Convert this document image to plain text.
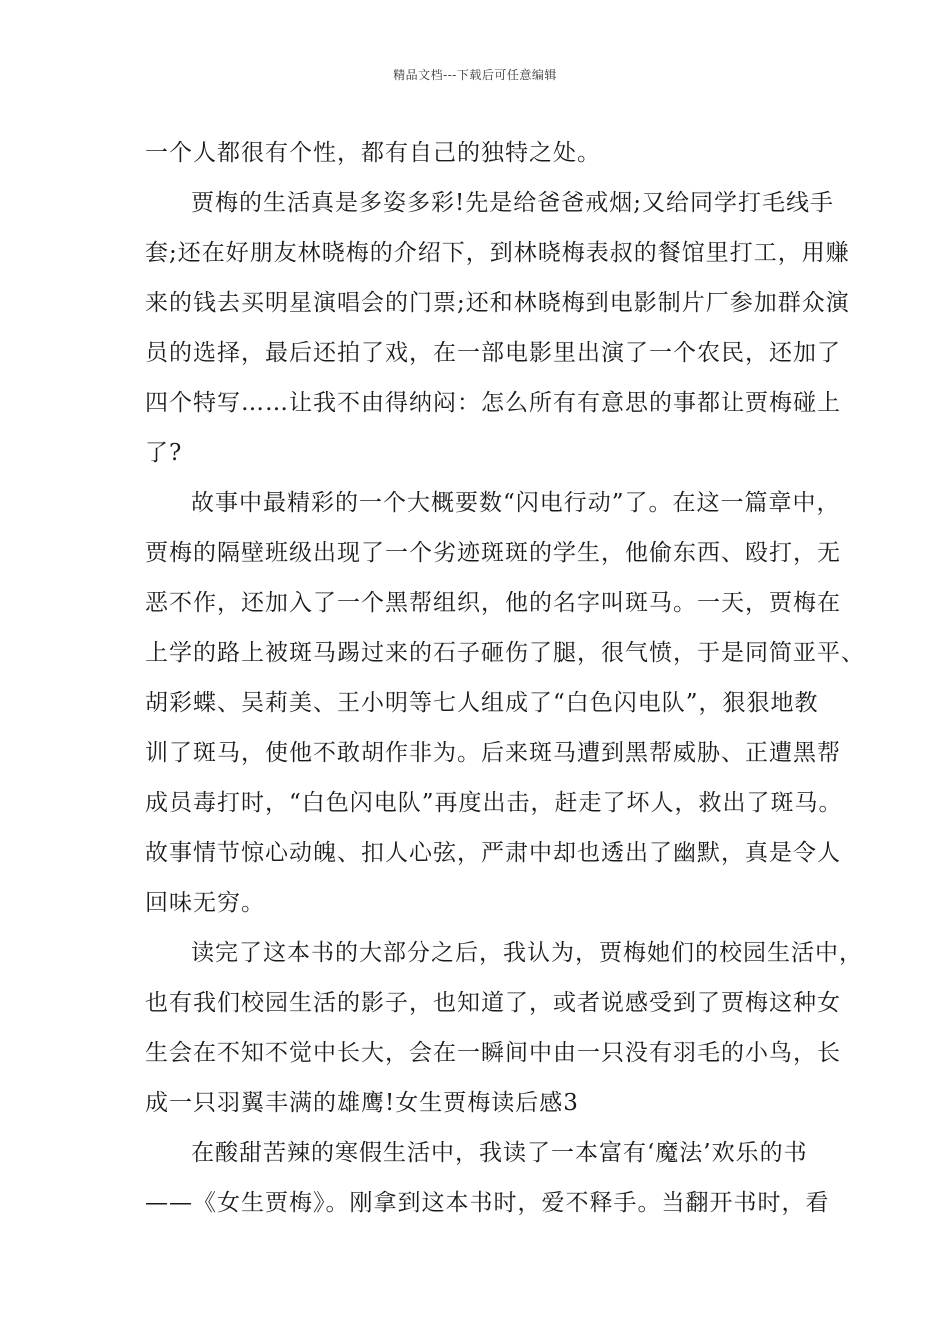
精品文档---下载后可任意编辑
一个人都很有个性，都有自己的独特之处。
贾梅的生活真是多姿多彩!先是给爸爸戒烟;又给同学打毛线手
套;还在好朋友林晓梅的介绍下，到林晓梅表叔的餐馆里打工，用赚
来的钱去买明星演唱会的门票;还和林晓梅到电影制片厂参加群众演
员的选择，最后还拍了戏，在一部电影里出演了一个农民，还加了
四个特写……让我不由得纳闷：怎么所有有意思的事都让贾梅碰上
了?
故事中最精彩的一个大概要数“闪电行动”了。在这一篇章中，
贾梅的隔壁班级出现了一个劣迹斑斑的学生，他偷东西、殴打，无
恶不作，还加入了一个黑帮组织，他的名字叫斑马。一天，贾梅在
上学的路上被斑马踢过来的石子砸伤了腿，很气愤，于是同简亚平、
胡彩蝶、吴莉美、王小明等七人组成了“白色闪电队”，狠狠地教
训了斑马，使他不敢胡作非为。后来斑马遭到黑帮威胁、正遭黑帮
成员毒打时，“白色闪电队”再度出击，赶走了坏人，救出了斑马。
故事情节惊心动魄、扣人心弦，严肃中却也透出了幽默，真是令人
回味无穷。
读完了这本书的大部分之后，我认为，贾梅她们的校园生活中，
也有我们校园生活的影子，也知道了，或者说感受到了贾梅这种女
生会在不知不觉中长大，会在一瞬间中由一只没有羽毛的小鸟，长
成一只羽翼丰满的雄鹰!女生贾梅读后感3
在酸甜苦辣的寒假生活中，我读了一本富有‘魔法’欢乐的书
——《女生贾梅》。刚拿到这本书时，爱不释手。当翻开书时，看
